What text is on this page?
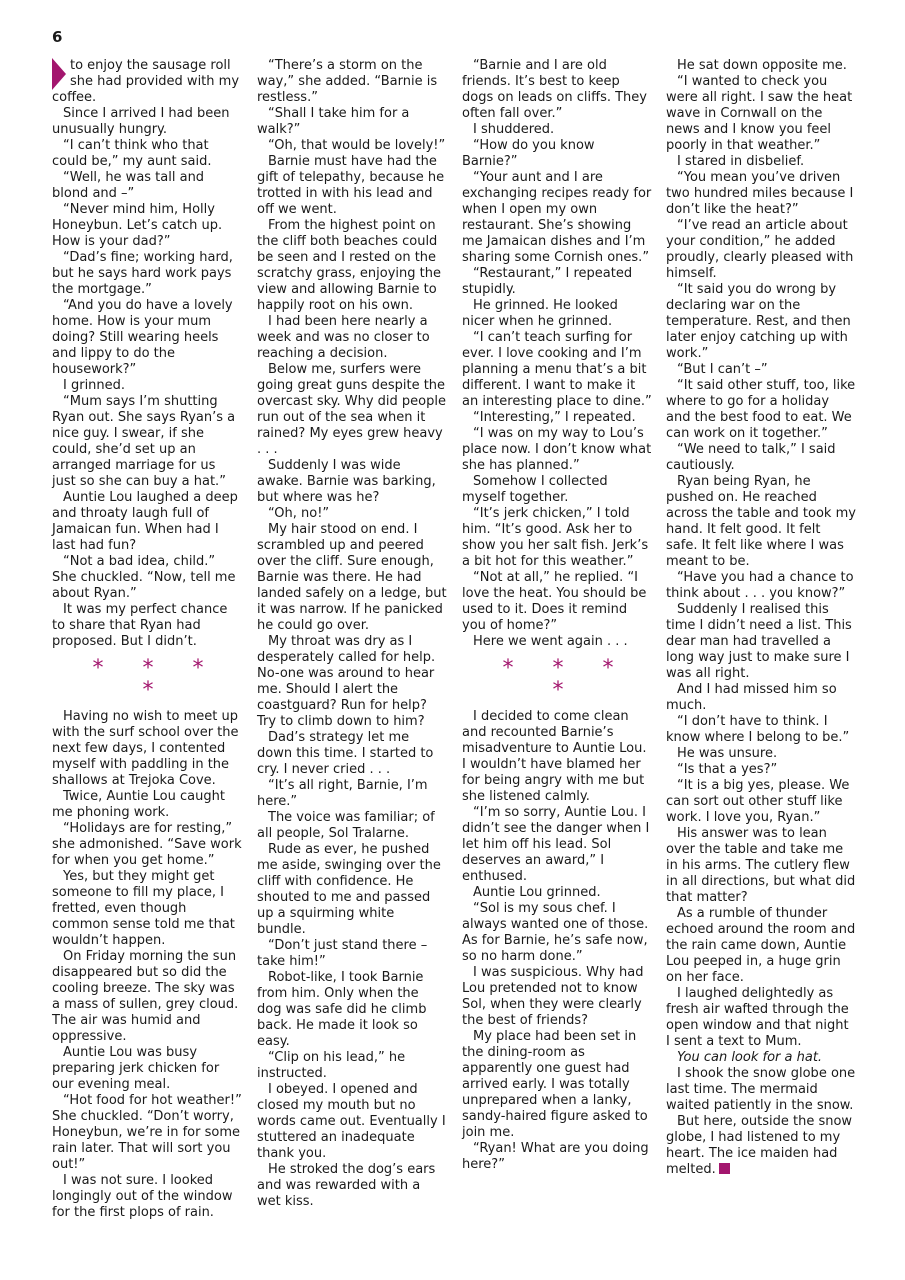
6

to enjoy the sausage roll she had provided with my coffee.

Since I arrived I had been unusually hungry.

“I can’t think who that could be,” my aunt said.

“Well, he was tall and blond and –”

“Never mind him, Holly Honeybun. Let’s catch up. How is your dad?”

“Dad’s fine; working hard, but he says hard work pays the mortgage.”

“And you do have a lovely home. How is your mum doing? Still wearing heels and lippy to do the housework?”

I grinned.

“Mum says I’m shutting Ryan out. She says Ryan’s a nice guy. I swear, if she could, she’d set up an arranged marriage for us just so she can buy a hat.”

Auntie Lou laughed a deep and throaty laugh full of Jamaican fun. When had I last had fun?

“Not a bad idea, child.” She chuckled. “Now, tell me about Ryan.”

It was my perfect chance to share that Ryan had proposed. But I didn’t.

* * * *

Having no wish to meet up with the surf school over the next few days, I contented myself with paddling in the shallows at Trejoka Cove.

Twice, Auntie Lou caught me phoning work.

“Holidays are for resting,” she admonished. “Save work for when you get home.”

Yes, but they might get someone to fill my place, I fretted, even though common sense told me that wouldn’t happen.

On Friday morning the sun disappeared but so did the cooling breeze. The sky was a mass of sullen, grey cloud. The air was humid and oppressive.

Auntie Lou was busy preparing jerk chicken for our evening meal.

“Hot food for hot weather!” She chuckled. “Don’t worry, Honeybun, we’re in for some rain later. That will sort you out!”

I was not sure. I looked longingly out of the window for the first plops of rain.

“There’s a storm on the way,” she added. “Barnie is restless.”

“Shall I take him for a walk?”

“Oh, that would be lovely!”

Barnie must have had the gift of telepathy, because he trotted in with his lead and off we went.

From the highest point on the cliff both beaches could be seen and I rested on the scratchy grass, enjoying the view and allowing Barnie to happily root on his own.

I had been here nearly a week and was no closer to reaching a decision.

Below me, surfers were going great guns despite the overcast sky. Why did people run out of the sea when it rained? My eyes grew heavy . . .

Suddenly I was wide awake. Barnie was barking, but where was he?

“Oh, no!”

My hair stood on end. I scrambled up and peered over the cliff. Sure enough, Barnie was there. He had landed safely on a ledge, but it was narrow. If he panicked he could go over.

My throat was dry as I desperately called for help. No-one was around to hear me. Should I alert the coastguard? Run for help? Try to climb down to him?

Dad’s strategy let me down this time. I started to cry. I never cried . . .

“It’s all right, Barnie, I’m here.”

The voice was familiar; of all people, Sol Tralarne.

Rude as ever, he pushed me aside, swinging over the cliff with confidence. He shouted to me and passed up a squirming white bundle.

“Don’t just stand there – take him!”

Robot-like, I took Barnie from him. Only when the dog was safe did he climb back. He made it look so easy.

“Clip on his lead,” he instructed.

I obeyed. I opened and closed my mouth but no words came out. Eventually I stuttered an inadequate thank you.

He stroked the dog’s ears and was rewarded with a wet kiss.

“Barnie and I are old friends. It’s best to keep dogs on leads on cliffs. They often fall over.”

I shuddered.

“How do you know Barnie?”

“Your aunt and I are exchanging recipes ready for when I open my own restaurant. She’s showing me Jamaican dishes and I’m sharing some Cornish ones.”

“Restaurant,” I repeated stupidly.

He grinned. He looked nicer when he grinned.

“I can’t teach surfing for ever. I love cooking and I’m planning a menu that’s a bit different. I want to make it an interesting place to dine.”

“Interesting,” I repeated.

“I was on my way to Lou’s place now. I don’t know what she has planned.”

Somehow I collected myself together.

“It’s jerk chicken,” I told him. “It’s good. Ask her to show you her salt fish. Jerk’s a bit hot for this weather.”

“Not at all,” he replied. “I love the heat. You should be used to it. Does it remind you of home?”

Here we went again . . .

* * * *

I decided to come clean and recounted Barnie’s misadventure to Auntie Lou. I wouldn’t have blamed her for being angry with me but she listened calmly.

“I’m so sorry, Auntie Lou. I didn’t see the danger when I let him off his lead. Sol deserves an award,” I enthused.

Auntie Lou grinned.

“Sol is my sous chef. I always wanted one of those. As for Barnie, he’s safe now, so no harm done.”

I was suspicious. Why had Lou pretended not to know Sol, when they were clearly the best of friends?

My place had been set in the dining-room as apparently one guest had arrived early. I was totally unprepared when a lanky, sandy-haired figure asked to join me.

“Ryan! What are you doing here?”

He sat down opposite me.

“I wanted to check you were all right. I saw the heat wave in Cornwall on the news and I know you feel poorly in that weather.”

I stared in disbelief.

“You mean you’ve driven two hundred miles because I don’t like the heat?”

“I’ve read an article about your condition,” he added proudly, clearly pleased with himself.

“It said you do wrong by declaring war on the temperature. Rest, and then later enjoy catching up with work.”

“But I can’t –”

“It said other stuff, too, like where to go for a holiday and the best food to eat. We can work on it together.”

“We need to talk,” I said cautiously.

Ryan being Ryan, he pushed on. He reached across the table and took my hand. It felt good. It felt safe. It felt like where I was meant to be.

“Have you had a chance to think about . . . you know?”

Suddenly I realised this time I didn’t need a list. This dear man had travelled a long way just to make sure I was all right.

And I had missed him so much.

“I don’t have to think. I know where I belong to be.”

He was unsure.

“Is that a yes?”

“It is a big yes, please. We can sort out other stuff like work. I love you, Ryan.”

His answer was to lean over the table and take me in his arms. The cutlery flew in all directions, but what did that matter?

As a rumble of thunder echoed around the room and the rain came down, Auntie Lou peeped in, a huge grin on her face.

I laughed delightedly as fresh air wafted through the open window and that night I sent a text to Mum.

You can look for a hat.

I shook the snow globe one last time. The mermaid waited patiently in the snow.

But here, outside the snow globe, I had listened to my heart. The ice maiden had melted.
